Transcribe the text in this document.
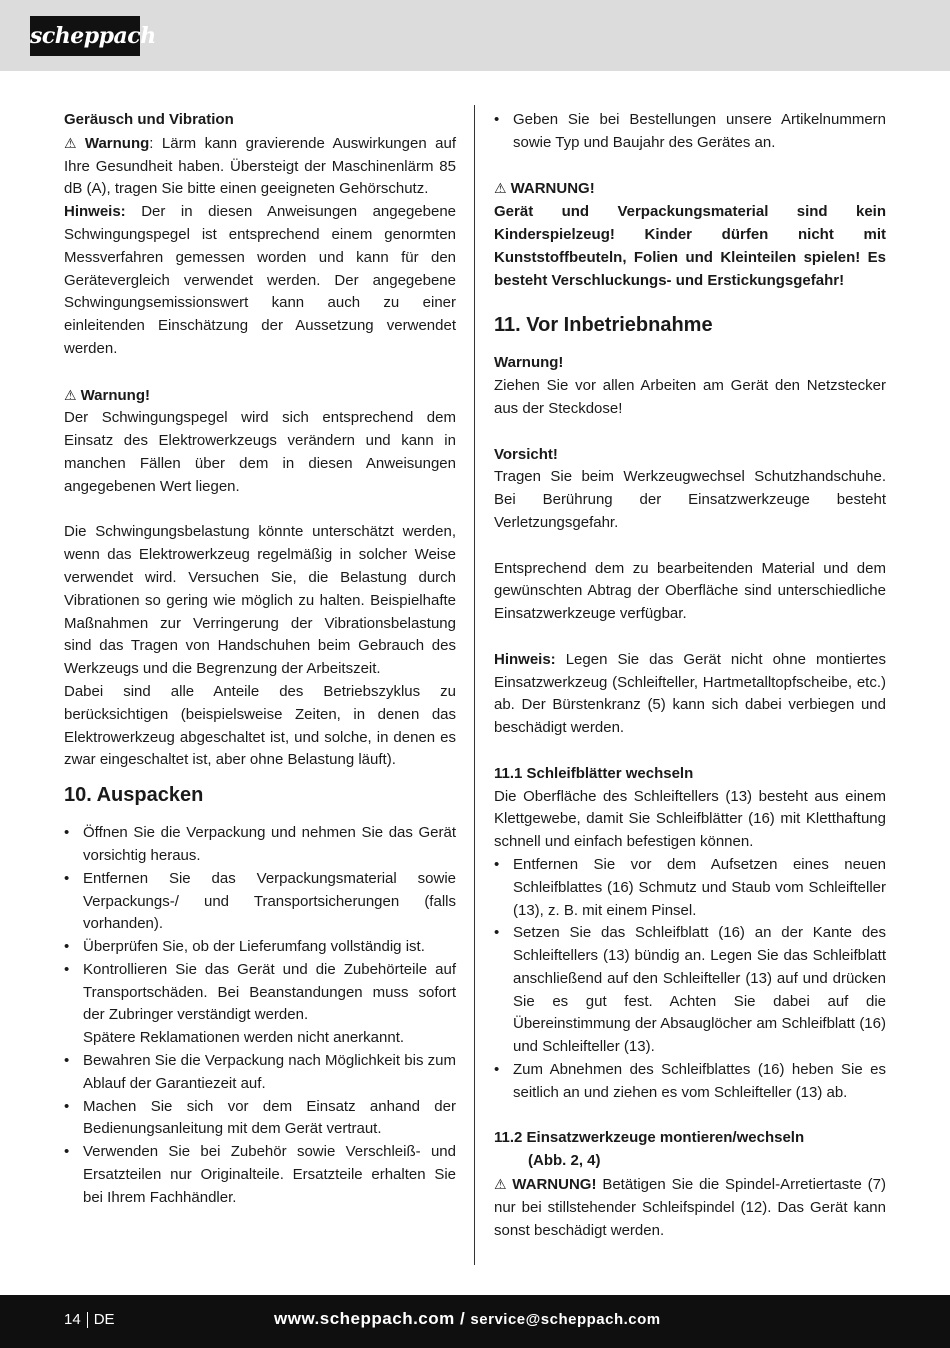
scheppach

Geräusch und Vibration

⚠ Warnung: Lärm kann gravierende Auswirkungen auf Ihre Gesundheit haben. Übersteigt der Maschinenlärm 85 dB (A), tragen Sie bitte einen geeigneten Gehörschutz.

Hinweis: Der in diesen Anweisungen angegebene Schwingungspegel ist entsprechend einem genormten Messverfahren gemessen worden und kann für den Gerätevergleich verwendet werden. Der angegebene Schwingungsemissionswert kann auch zu einer einleitenden Einschätzung der Aussetzung verwendet werden.

⚠ Warnung!

Der Schwingungspegel wird sich entsprechend dem Einsatz des Elektrowerkzeugs verändern und kann in manchen Fällen über dem in diesen Anweisungen angegebenen Wert liegen.

Die Schwingungsbelastung könnte unterschätzt werden, wenn das Elektrowerkzeug regelmäßig in solcher Weise verwendet wird. Versuchen Sie, die Belastung durch Vibrationen so gering wie möglich zu halten. Beispielhafte Maßnahmen zur Verringerung der Vibrationsbelastung sind das Tragen von Handschuhen beim Gebrauch des Werkzeugs und die Begrenzung der Arbeitszeit.

Dabei sind alle Anteile des Betriebszyklus zu berücksichtigen (beispielsweise Zeiten, in denen das Elektrowerkzeug abgeschaltet ist, und solche, in denen es zwar eingeschaltet ist, aber ohne Belastung läuft).

10. Auspacken
• Öffnen Sie die Verpackung und nehmen Sie das Gerät vorsichtig heraus.
• Entfernen Sie das Verpackungsmaterial sowie Verpackungs-/ und Transportsicherungen (falls vorhanden).
• Überprüfen Sie, ob der Lieferumfang vollständig ist.
• Kontrollieren Sie das Gerät und die Zubehörteile auf Transportschäden. Bei Beanstandungen muss sofort der Zubringer verständigt werden.
Spätere Reklamationen werden nicht anerkannt.
• Bewahren Sie die Verpackung nach Möglichkeit bis zum Ablauf der Garantiezeit auf.
• Machen Sie sich vor dem Einsatz anhand der Bedienungsanleitung mit dem Gerät vertraut.
• Verwenden Sie bei Zubehör sowie Verschleiß- und Ersatzteilen nur Originalteile. Ersatzteile erhalten Sie bei Ihrem Fachhändler.
• Geben Sie bei Bestellungen unsere Artikelnummern sowie Typ und Baujahr des Gerätes an.

⚠ WARNUNG!

Gerät und Verpackungsmaterial sind kein Kinderspielzeug! Kinder dürfen nicht mit Kunststoffbeuteln, Folien und Kleinteilen spielen! Es besteht Verschluckungs- und Erstickungsgefahr!

11. Vor Inbetriebnahme

Warnung!

Ziehen Sie vor allen Arbeiten am Gerät den Netzstecker aus der Steckdose!

Vorsicht!

Tragen Sie beim Werkzeugwechsel Schutzhandschuhe. Bei Berührung der Einsatzwerkzeuge besteht Verletzungsgefahr.

Entsprechend dem zu bearbeitenden Material und dem gewünschten Abtrag der Oberfläche sind unterschiedliche Einsatzwerkzeuge verfügbar.

Hinweis: Legen Sie das Gerät nicht ohne montiertes Einsatzwerkzeug (Schleifteller, Hartmetalltopfscheibe, etc.) ab. Der Bürstenkranz (5) kann sich dabei verbiegen und beschädigt werden.

11.1 Schleifblätter wechseln

Die Oberfläche des Schleiftellers (13) besteht aus einem Klettgewebe, damit Sie Schleifblätter (16) mit Kletthaftung schnell und einfach befestigen können.

• Entfernen Sie vor dem Aufsetzen eines neuen Schleifblattes (16) Schmutz und Staub vom Schleifteller (13), z. B. mit einem Pinsel.
• Setzen Sie das Schleifblatt (16) an der Kante des Schleiftellers (13) bündig an. Legen Sie das Schleifblatt anschließend auf den Schleifteller (13) auf und drücken Sie es gut fest. Achten Sie dabei auf die Übereinstimmung der Absauglöcher am Schleifblatt (16) und Schleifteller (13).
• Zum Abnehmen des Schleifblattes (16) heben Sie es seitlich an und ziehen es vom Schleifteller (13) ab.

11.2 Einsatzwerkzeuge montieren/wechseln

(Abb. 2, 4)

⚠ WARNUNG! Betätigen Sie die Spindel-Arretiertaste (7) nur bei stillstehender Schleifspindel (12). Das Gerät kann sonst beschädigt werden.

14 DE	www.scheppach.com / service@scheppach.com
